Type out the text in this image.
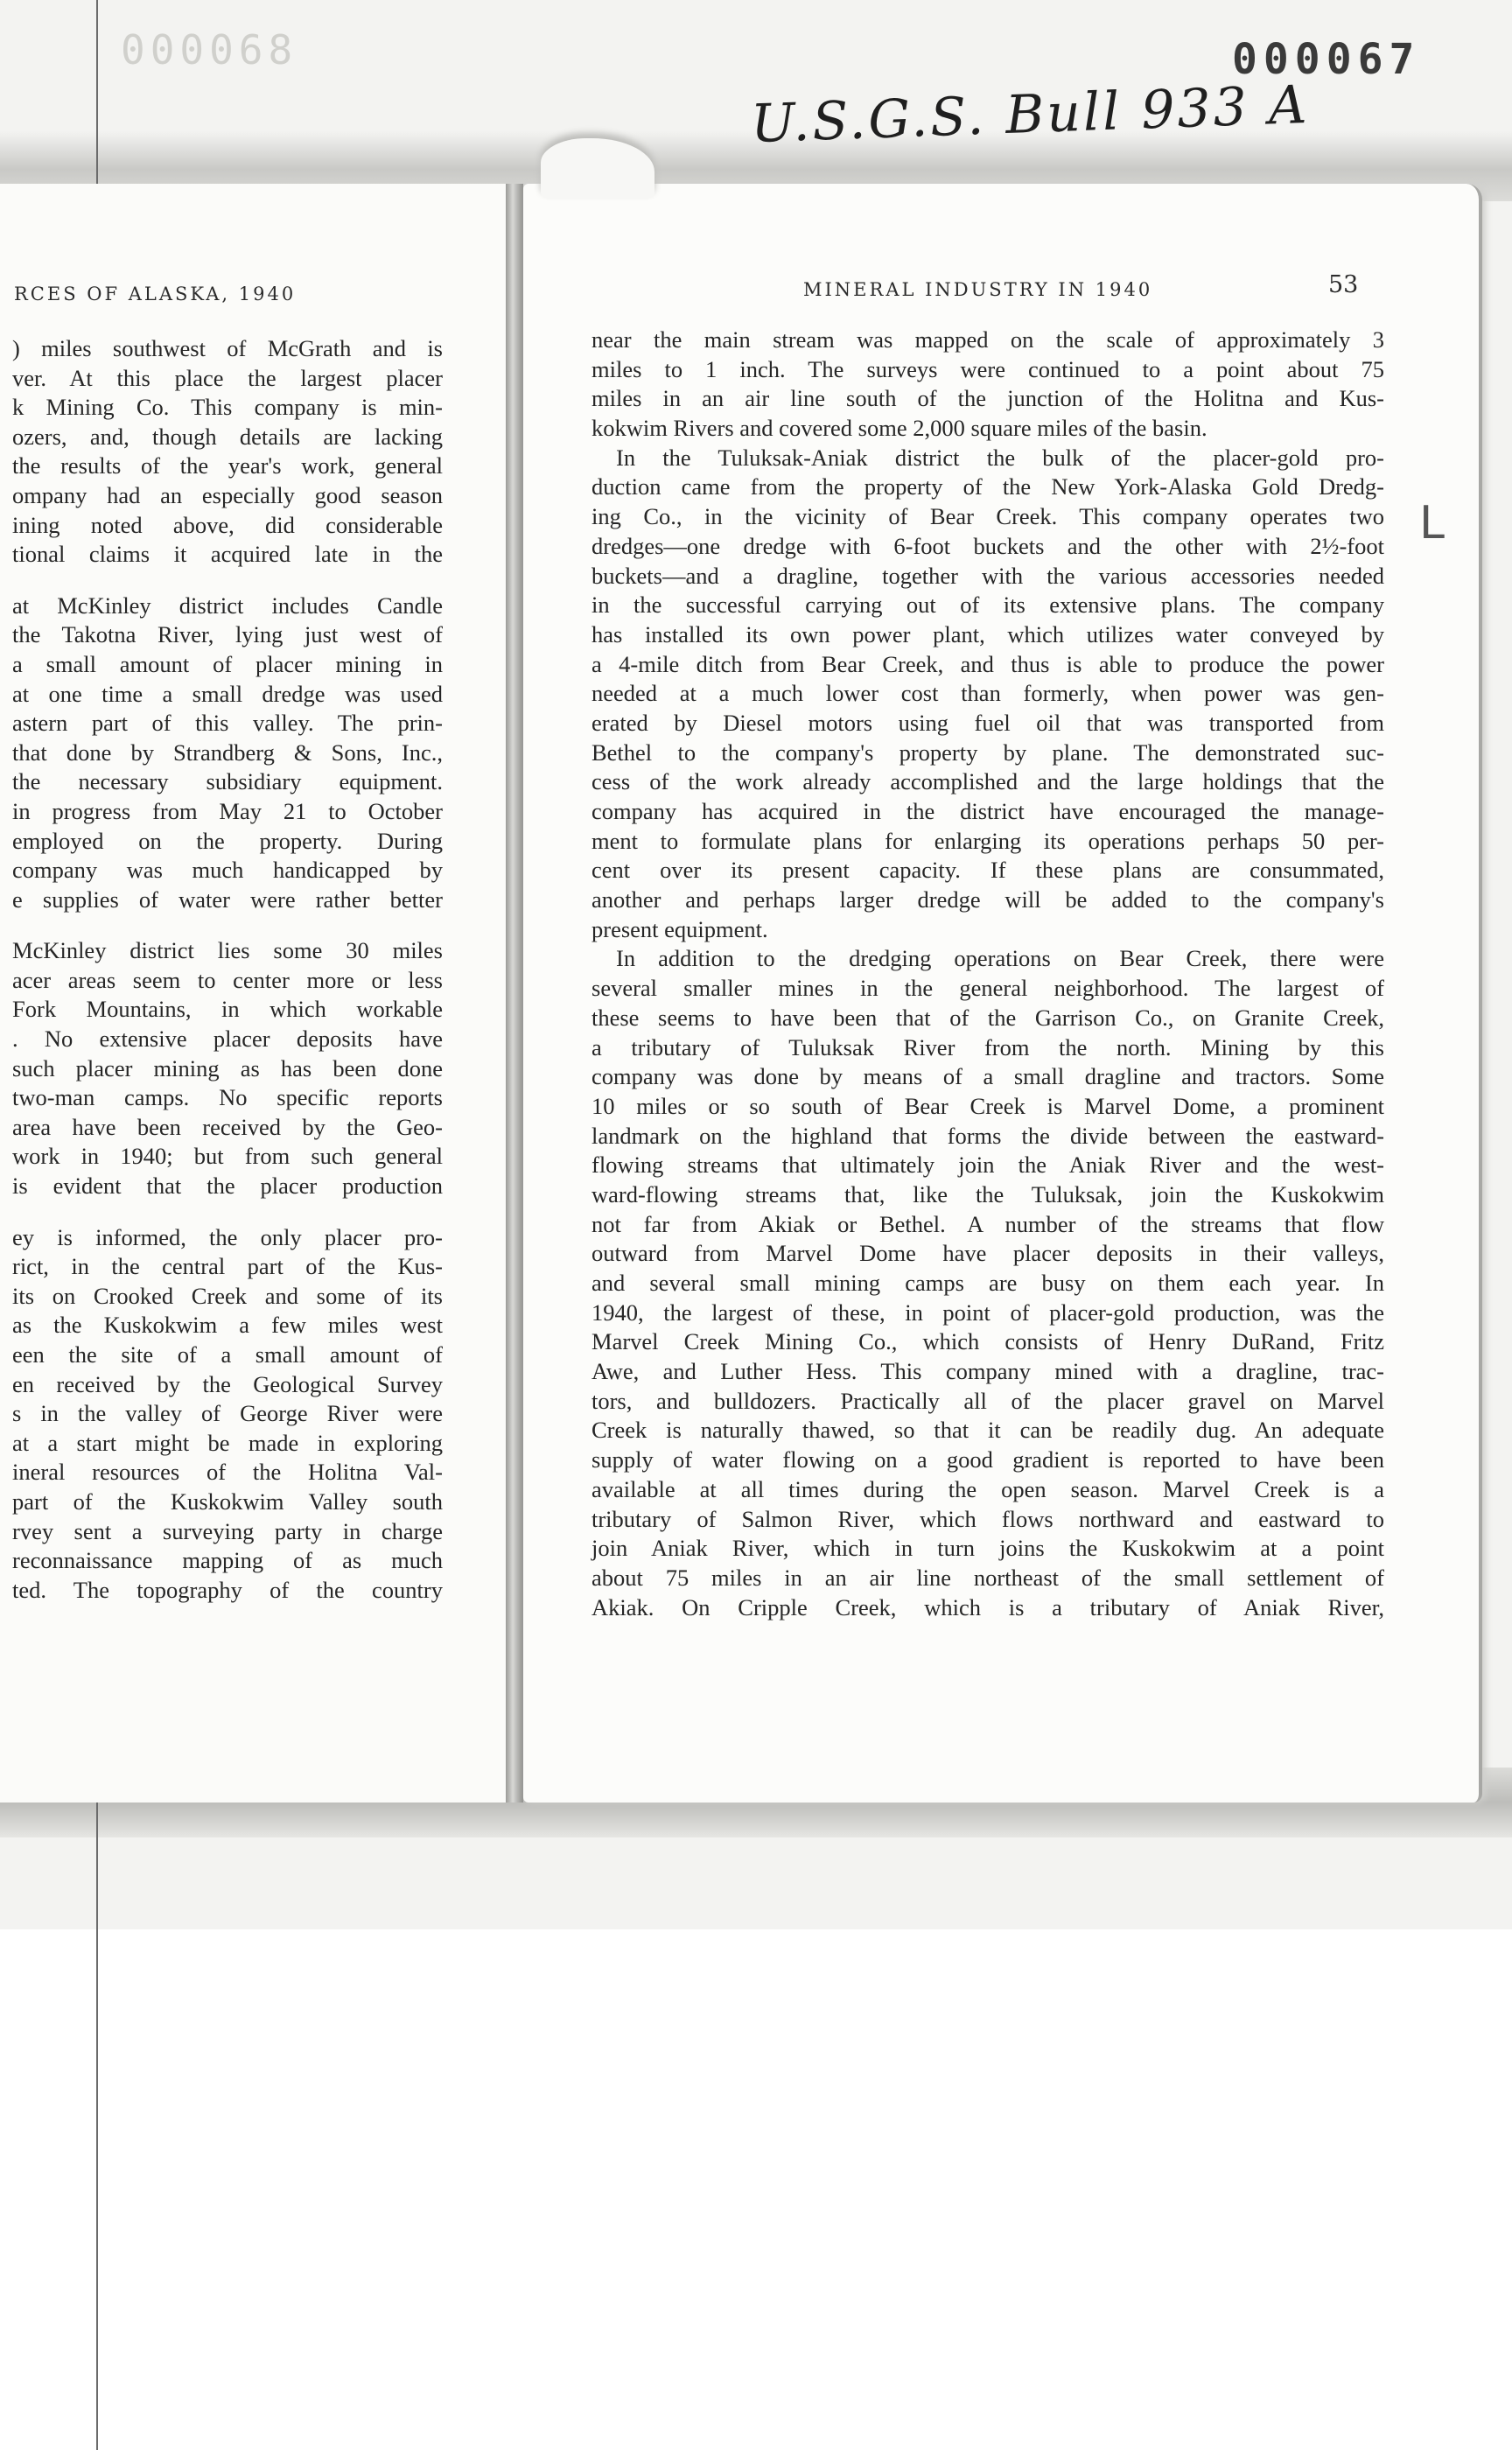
000068	000067
U.S.G.S. Bull 933 A
L
RCES OF ALASKA, 1940	MINERAL INDUSTRY IN 1940	53
) miles southwest of McGrath and is
ver. At this place the largest placer
k Mining Co. This company is min-
ozers, and, though details are lacking
the results of the year's work, general
ompany had an especially good season
ining noted above, did considerable
tional claims it acquired late in the
at McKinley district includes Candle
the Takotna River, lying just west of
a small amount of placer mining in
at one time a small dredge was used
astern part of this valley. The prin-
that done by Strandberg & Sons, Inc.,
the necessary subsidiary equipment.
in progress from May 21 to October
employed on the property. During
company was much handicapped by
e supplies of water were rather better
McKinley district lies some 30 miles
acer areas seem to center more or less
Fork Mountains, in which workable
. No extensive placer deposits have
such placer mining as has been done
two-man camps. No specific reports
area have been received by the Geo-
work in 1940; but from such general
is evident that the placer production
ey is informed, the only placer pro-
rict, in the central part of the Kus-
its on Crooked Creek and some of its
as the Kuskokwim a few miles west
een the site of a small amount of
en received by the Geological Survey
s in the valley of George River were
at a start might be made in exploring
ineral resources of the Holitna Val-
part of the Kuskokwim Valley south
rvey sent a surveying party in charge
reconnaissance mapping of as much
ted. The topography of the country
near the main stream was mapped on the scale of approximately 3
miles to 1 inch. The surveys were continued to a point about 75
miles in an air line south of the junction of the Holitna and Kus-
kokwim Rivers and covered some 2,000 square miles of the basin.
In the Tuluksak-Aniak district the bulk of the placer-gold pro-
duction came from the property of the New York-Alaska Gold Dredg-
ing Co., in the vicinity of Bear Creek. This company operates two
dredges—one dredge with 6-foot buckets and the other with 2½-foot
buckets—and a dragline, together with the various accessories needed
in the successful carrying out of its extensive plans. The company
has installed its own power plant, which utilizes water conveyed by
a 4-mile ditch from Bear Creek, and thus is able to produce the power
needed at a much lower cost than formerly, when power was gen-
erated by Diesel motors using fuel oil that was transported from
Bethel to the company's property by plane. The demonstrated suc-
cess of the work already accomplished and the large holdings that the
company has acquired in the district have encouraged the manage-
ment to formulate plans for enlarging its operations perhaps 50 per-
cent over its present capacity. If these plans are consummated,
another and perhaps larger dredge will be added to the company's
present equipment.
In addition to the dredging operations on Bear Creek, there were
several smaller mines in the general neighborhood. The largest of
these seems to have been that of the Garrison Co., on Granite Creek,
a tributary of Tuluksak River from the north. Mining by this
company was done by means of a small dragline and tractors. Some
10 miles or so south of Bear Creek is Marvel Dome, a prominent
landmark on the highland that forms the divide between the eastward-
flowing streams that ultimately join the Aniak River and the west-
ward-flowing streams that, like the Tuluksak, join the Kuskokwim
not far from Akiak or Bethel. A number of the streams that flow
outward from Marvel Dome have placer deposits in their valleys,
and several small mining camps are busy on them each year. In
1940, the largest of these, in point of placer-gold production, was the
Marvel Creek Mining Co., which consists of Henry DuRand, Fritz
Awe, and Luther Hess. This company mined with a dragline, trac-
tors, and bulldozers. Practically all of the placer gravel on Marvel
Creek is naturally thawed, so that it can be readily dug. An adequate
supply of water flowing on a good gradient is reported to have been
available at all times during the open season. Marvel Creek is a
tributary of Salmon River, which flows northward and eastward to
join Aniak River, which in turn joins the Kuskokwim at a point
about 75 miles in an air line northeast of the small settlement of
Akiak. On Cripple Creek, which is a tributary of Aniak River,
